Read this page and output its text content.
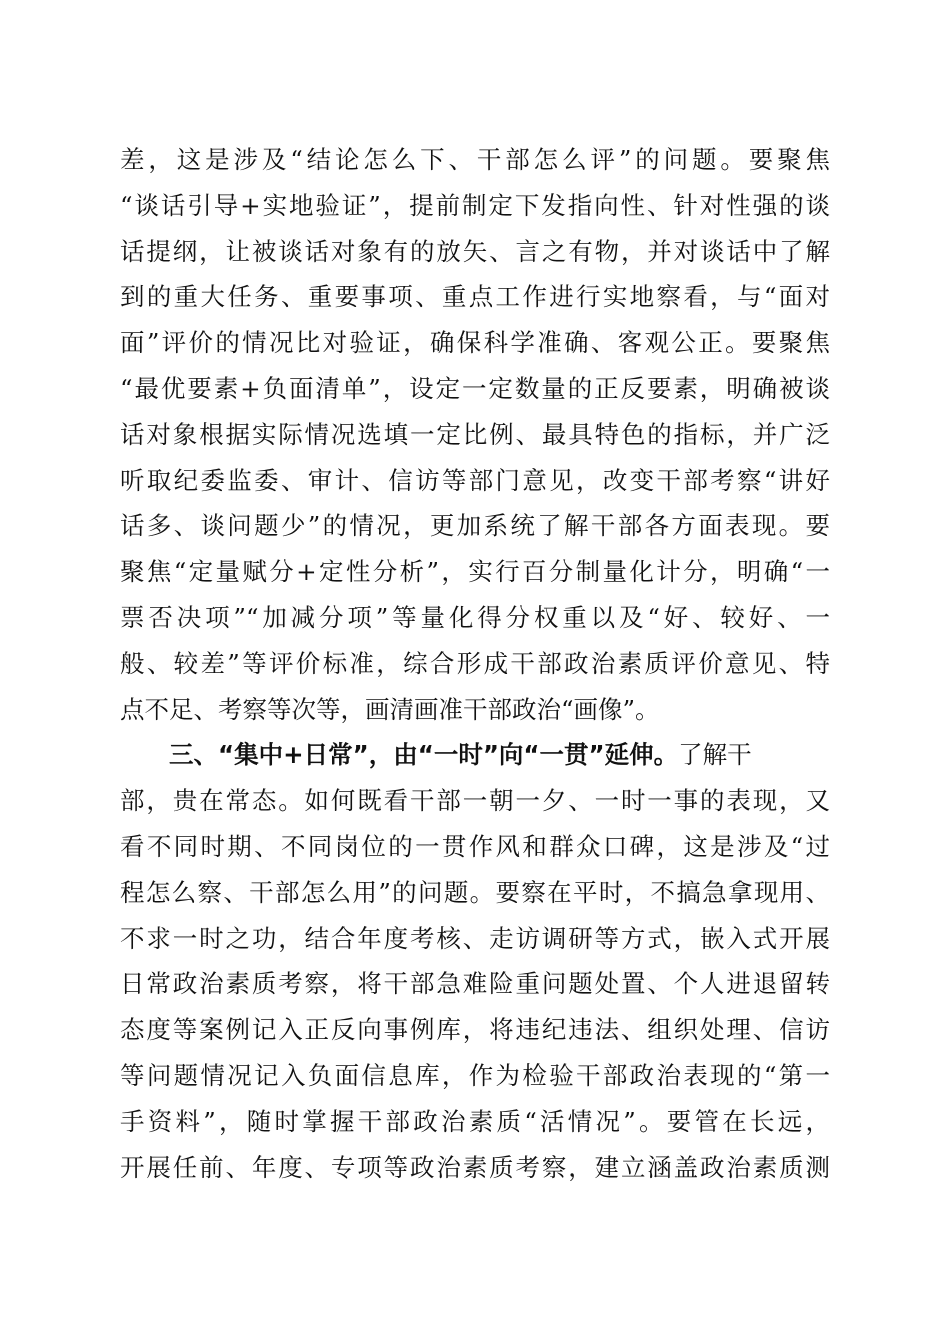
差，这是涉及“结论怎么下、干部怎么评”的问题。要聚焦
“谈话引导+实地验证”，提前制定下发指向性、针对性强的谈
话提纲，让被谈话对象有的放矢、言之有物，并对谈话中了解
到的重大任务、重要事项、重点工作进行实地察看，与“面对
面”评价的情况比对验证，确保科学准确、客观公正。要聚焦
“最优要素+负面清单”，设定一定数量的正反要素，明确被谈
话对象根据实际情况选填一定比例、最具特色的指标，并广泛
听取纪委监委、审计、信访等部门意见，改变干部考察“讲好
话多、谈问题少”的情况，更加系统了解干部各方面表现。要
聚焦“定量赋分+定性分析”，实行百分制量化计分，明确“一
票否决项”“加减分项”等量化得分权重以及“好、较好、一
般、较差”等评价标准，综合形成干部政治素质评价意见、特
点不足、考察等次等，画清画准干部政治“画像”。
三、“集中+日常”，由“一时”向“一贯”延伸。了解干
部，贵在常态。如何既看干部一朝一夕、一时一事的表现，又
看不同时期、不同岗位的一贯作风和群众口碑，这是涉及“过
程怎么察、干部怎么用”的问题。要察在平时，不搞急拿现用、
不求一时之功，结合年度考核、走访调研等方式，嵌入式开展
日常政治素质考察，将干部急难险重问题处置、个人进退留转
态度等案例记入正反向事例库，将违纪违法、组织处理、信访
等问题情况记入负面信息库，作为检验干部政治表现的“第一
手资料”，随时掌握干部政治素质“活情况”。要管在长远，
开展任前、年度、专项等政治素质考察，建立涵盖政治素质测
